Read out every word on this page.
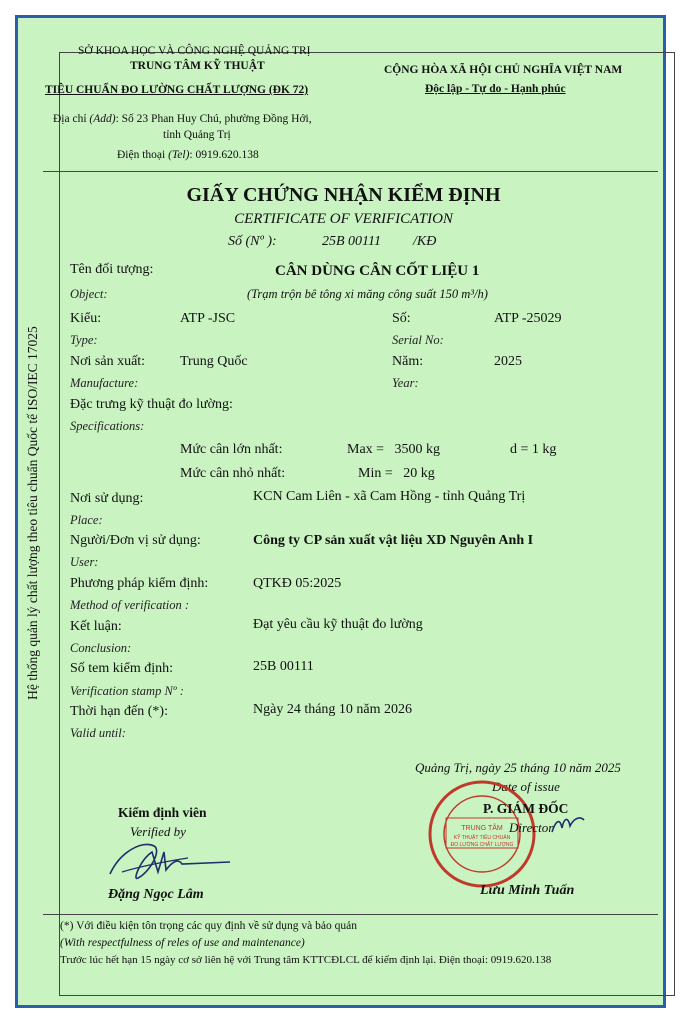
Hệ thống quản lý chất lượng theo tiêu chuẩn Quốc tế ISO/IEC 17025
SỞ KHOA HỌC VÀ CÔNG NGHỆ QUẢNG TRỊ
TRUNG TÂM KỸ THUẬT
TIÊU CHUẨN ĐO LƯỜNG CHẤT LƯỢNG (ĐK 72)
Địa chỉ (Add): Số 23 Phan Huy Chú, phường Đồng Hới,
tỉnh Quảng Trị
Điện thoại (Tel): 0919.620.138
CỘNG HÒA XÃ HỘI CHỦ NGHĨA VIỆT NAM
Độc lập - Tự do - Hạnh phúc
GIẤY CHỨNG NHẬN KIỂM ĐỊNH
CERTIFICATE OF VERIFICATION
Số (Nº ):	25B 00111 /KĐ
Tên đối tượng:	CÂN DÙNG CÂN CỐT LIỆU 1
Object:	(Trạm trộn bê tông xi măng công suất 150 m³/h)
Kiểu:	ATP -JSC	Số:	ATP -25029
Type:	Serial No:
Nơi sản xuất: Trung Quốc	Năm:	2025
Manufacture:	Year:
Đặc trưng kỹ thuật đo lường:
Specifications:
Mức cân lớn nhất:	Max =   3500 kg	d = 1 kg
Mức cân nhỏ nhất:	Min =   20 kg
Nơi sử dụng:	KCN Cam Liên - xã Cam Hồng - tỉnh Quảng Trị
Place:
Người/Đơn vị sử dụng:	Công ty CP sản xuất vật liệu XD Nguyên Anh I
User:
Phương pháp kiểm định:	QTKĐ 05:2025
Method of verification :
Kết luận:	Đạt yêu cầu kỹ thuật đo lường
Conclusion:
Số tem kiểm định:	25B 00111
Verification stamp Nº :
Thời hạn đến (*):	Ngày 24 tháng 10 năm 2026
Valid until:
Quảng Trị, ngày 25 tháng 10 năm 2025
Date of issue
Kiểm định viên
Verified by
Đặng Ngọc Lâm
TRUNG TÂM
KỸ THUẬT TIÊU CHUẨN
ĐO LƯỜNG CHẤT LƯỢNG
P. GIÁM ĐỐC
Director
Lưu Minh Tuấn
(*) Với điều kiện tôn trọng các quy định về sử dụng và bảo quản
(With respectfulness of reles of use and maintenance)
Trước lúc hết hạn 15 ngày cơ sở liên hệ với Trung tâm KTTCĐLCL để kiểm định lại. Điện thoại: 0919.620.138
